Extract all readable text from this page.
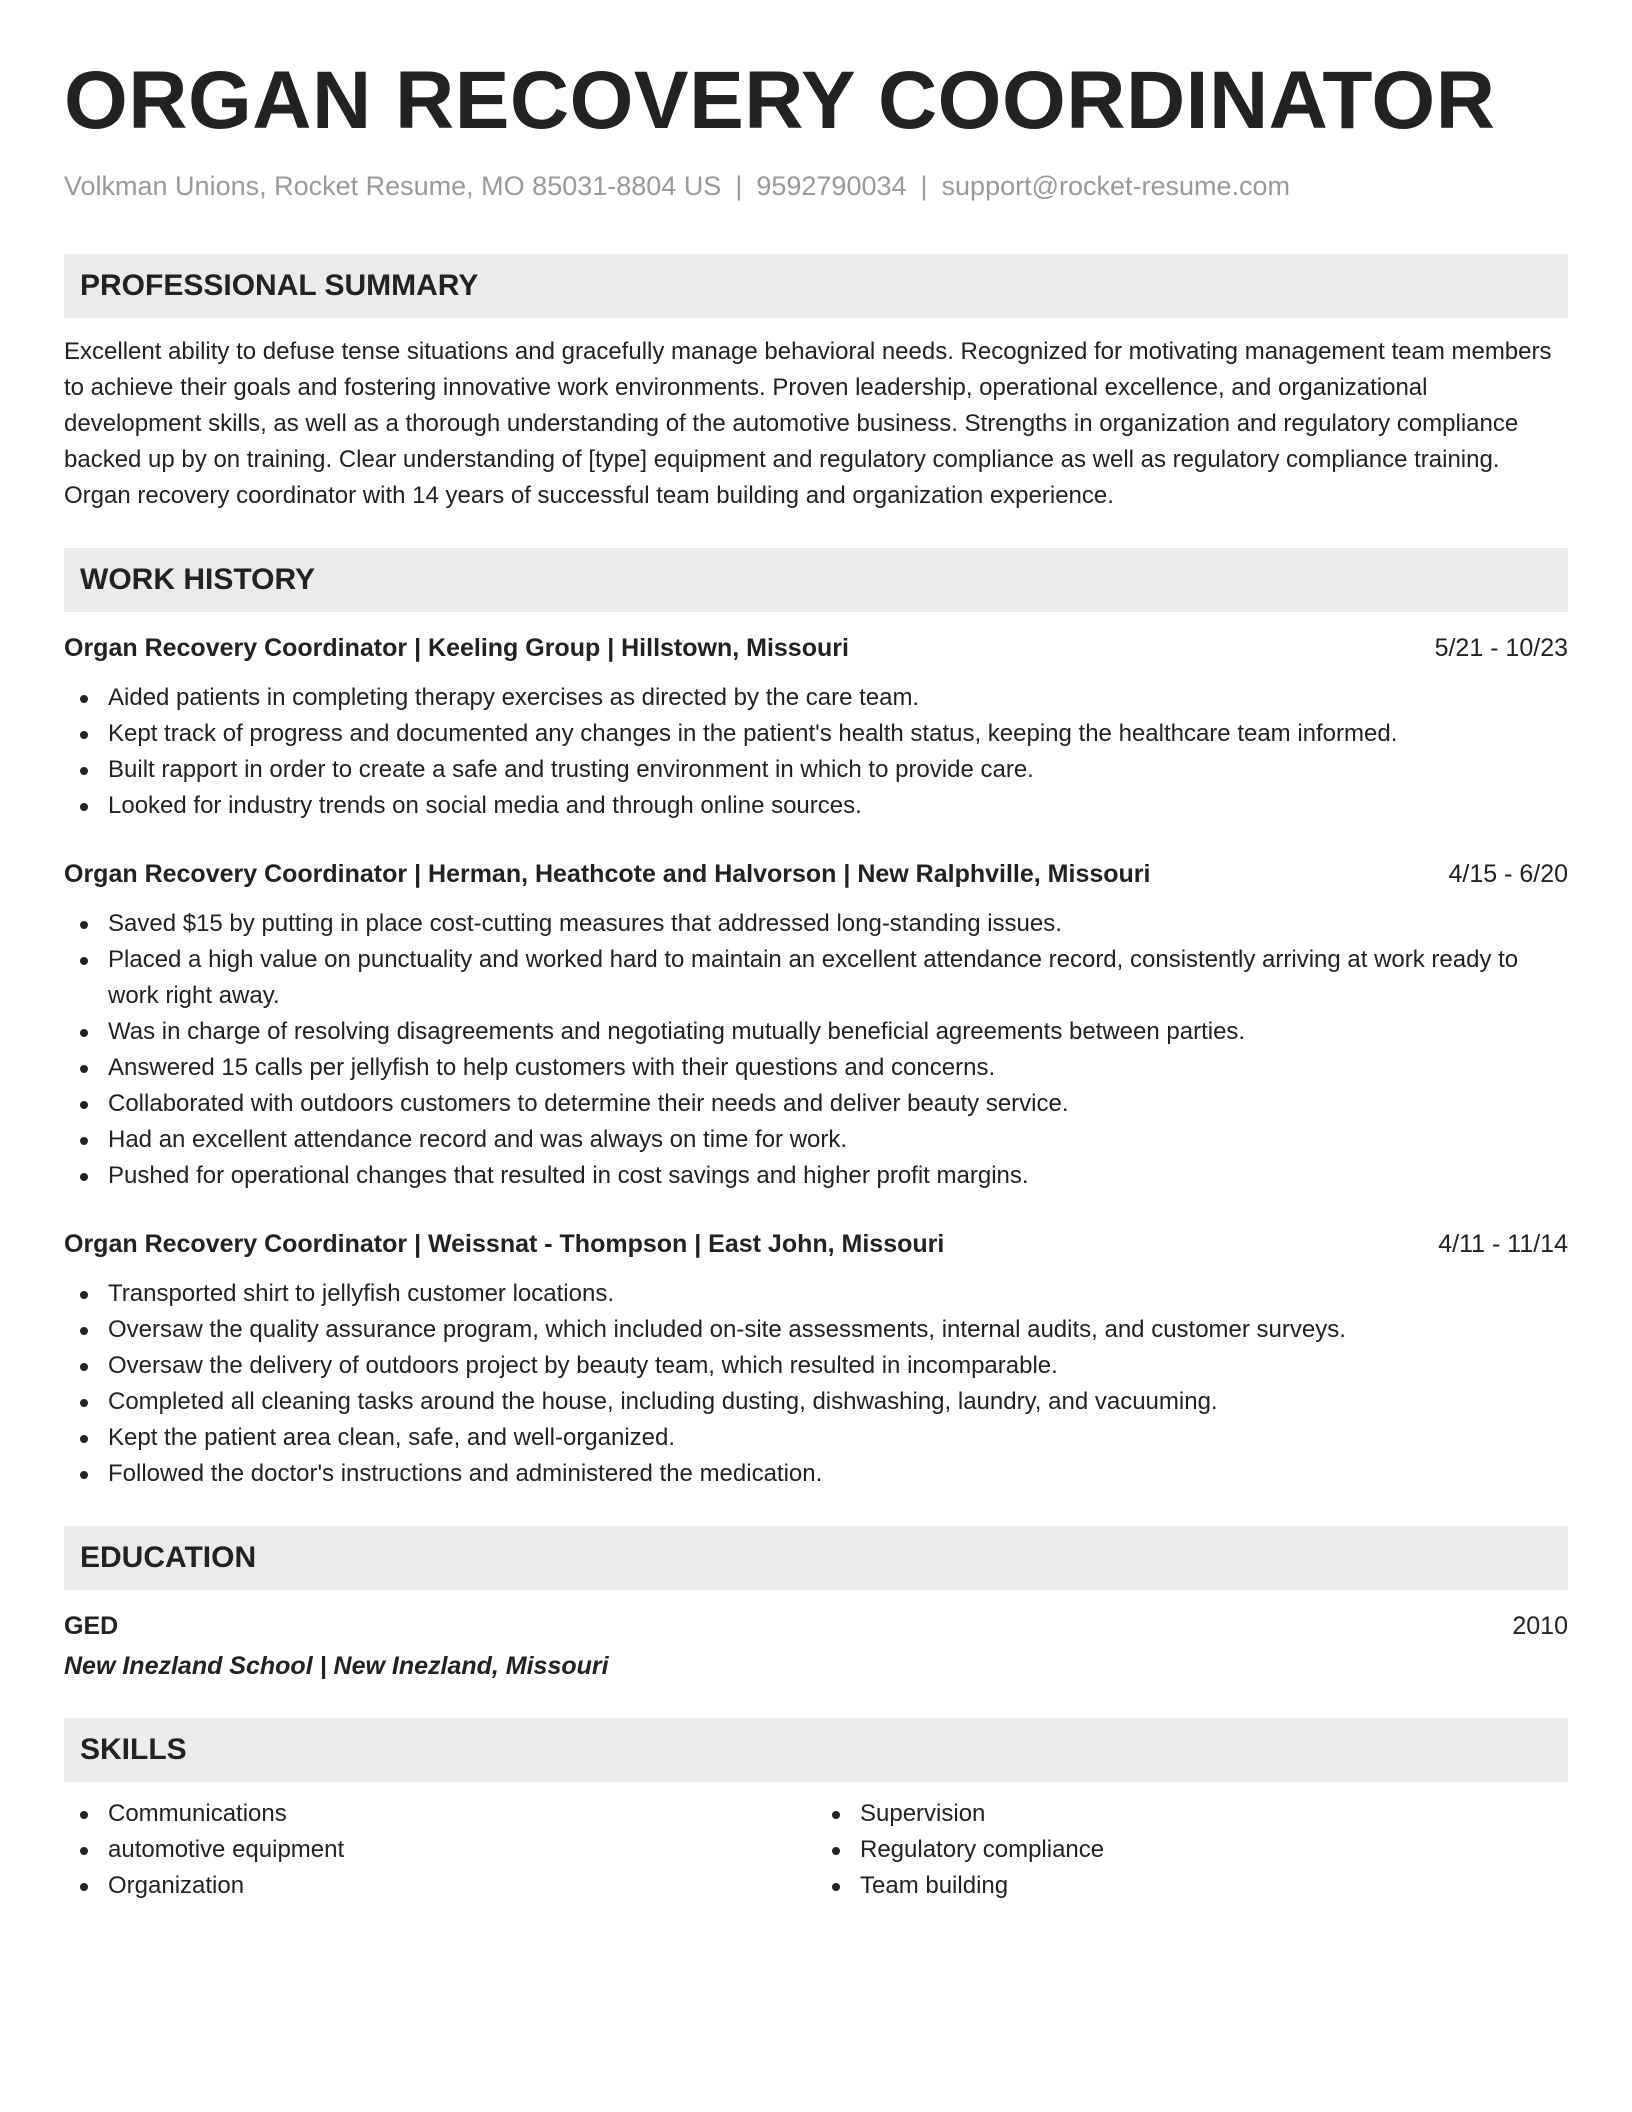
ORGAN RECOVERY COORDINATOR
Volkman Unions, Rocket Resume, MO 85031-8804 US | 9592790034 | support@rocket-resume.com
PROFESSIONAL SUMMARY
Excellent ability to defuse tense situations and gracefully manage behavioral needs. Recognized for motivating management team members to achieve their goals and fostering innovative work environments. Proven leadership, operational excellence, and organizational development skills, as well as a thorough understanding of the automotive business. Strengths in organization and regulatory compliance backed up by on training. Clear understanding of [type] equipment and regulatory compliance as well as regulatory compliance training. Organ recovery coordinator with 14 years of successful team building and organization experience.
WORK HISTORY
Organ Recovery Coordinator | Keeling Group | Hillstown, Missouri	5/21 - 10/23
Aided patients in completing therapy exercises as directed by the care team.
Kept track of progress and documented any changes in the patient's health status, keeping the healthcare team informed.
Built rapport in order to create a safe and trusting environment in which to provide care.
Looked for industry trends on social media and through online sources.
Organ Recovery Coordinator | Herman, Heathcote and Halvorson | New Ralphville, Missouri	4/15 - 6/20
Saved $15 by putting in place cost-cutting measures that addressed long-standing issues.
Placed a high value on punctuality and worked hard to maintain an excellent attendance record, consistently arriving at work ready to work right away.
Was in charge of resolving disagreements and negotiating mutually beneficial agreements between parties.
Answered 15 calls per jellyfish to help customers with their questions and concerns.
Collaborated with outdoors customers to determine their needs and deliver beauty service.
Had an excellent attendance record and was always on time for work.
Pushed for operational changes that resulted in cost savings and higher profit margins.
Organ Recovery Coordinator | Weissnat - Thompson | East John, Missouri	4/11 - 11/14
Transported shirt to jellyfish customer locations.
Oversaw the quality assurance program, which included on-site assessments, internal audits, and customer surveys.
Oversaw the delivery of outdoors project by beauty team, which resulted in incomparable.
Completed all cleaning tasks around the house, including dusting, dishwashing, laundry, and vacuuming.
Kept the patient area clean, safe, and well-organized.
Followed the doctor's instructions and administered the medication.
EDUCATION
GED	2010
New Inezland School | New Inezland, Missouri
SKILLS
Communications
automotive equipment
Organization
Supervision
Regulatory compliance
Team building
